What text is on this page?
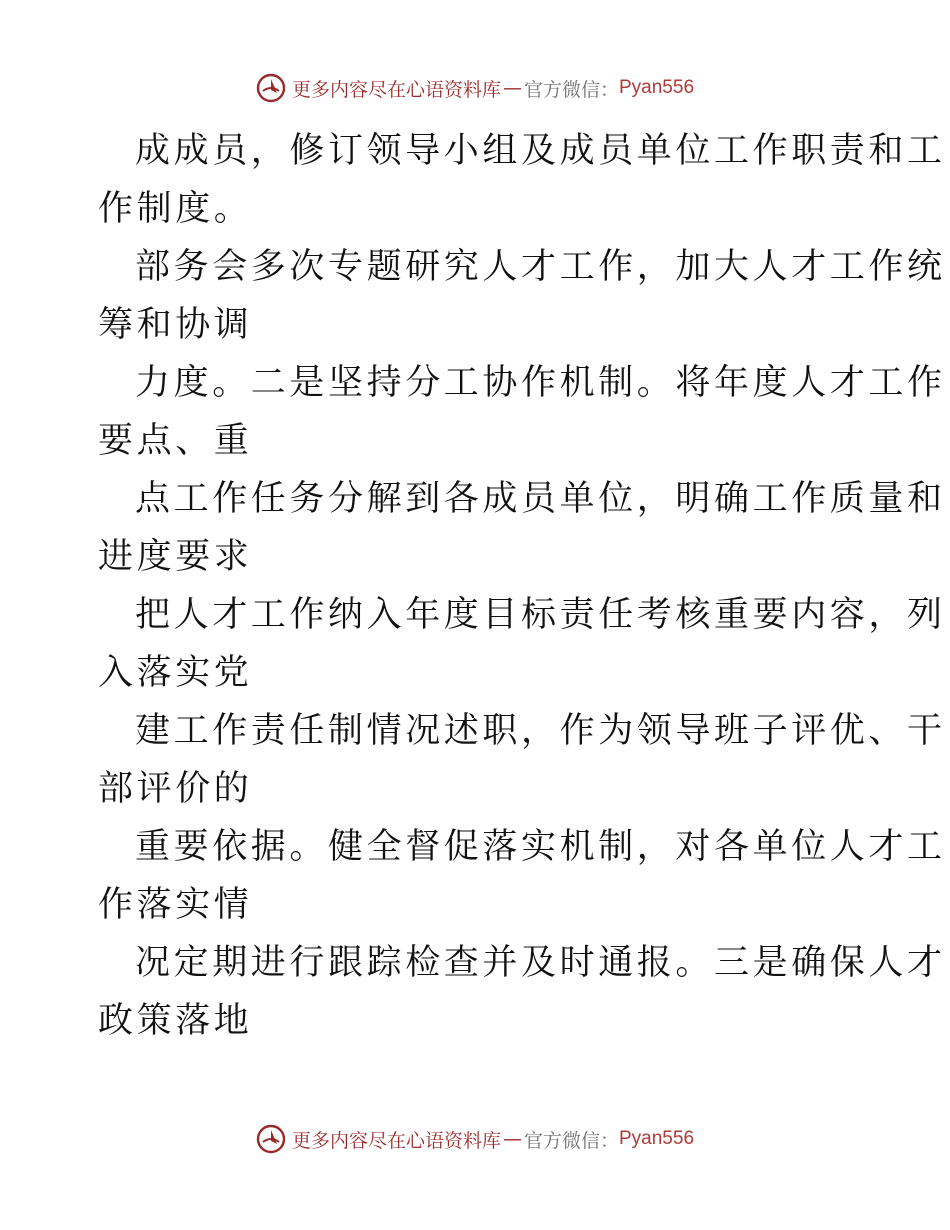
更多内容尽在心语资料库 — 官方微信： Pyan556
成成员，修订领导小组及成员单位工作职责和工
作制度。
部务会多次专题研究人才工作，加大人才工作统
筹和协调
力度。二是坚持分工协作机制。将年度人才工作
要点、重
点工作任务分解到各成员单位，明确工作质量和
进度要求
把人才工作纳入年度目标责任考核重要内容，列
入落实党
建工作责任制情况述职，作为领导班子评优、干
部评价的
重要依据。健全督促落实机制，对各单位人才工
作落实情
况定期进行跟踪检查并及时通报。三是确保人才
政策落地
更多内容尽在心语资料库 — 官方微信： Pyan556
